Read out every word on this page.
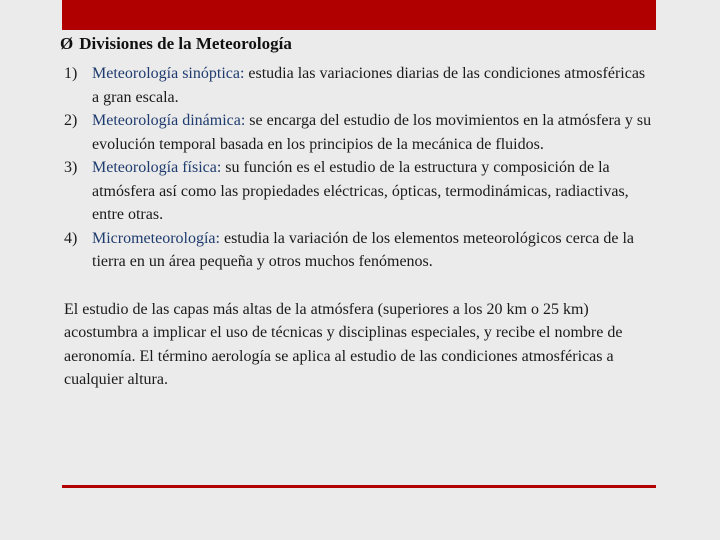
Ø Divisiones de la Meteorología
1) Meteorología sinóptica: estudia las variaciones diarias de las condiciones atmosféricas a gran escala.
2) Meteorología dinámica: se encarga del estudio de los movimientos en la atmósfera y su evolución temporal basada en los principios de la mecánica de fluidos.
3) Meteorología física: su función es el estudio de la estructura y composición de la atmósfera así como las propiedades eléctricas, ópticas, termodinámicas, radiactivas, entre otras.
4) Micrometeorología: estudia la variación de los elementos meteorológicos cerca de la tierra en un área pequeña y otros muchos fenómenos.
El estudio de las capas más altas de la atmósfera (superiores a los 20 km o 25 km) acostumbra a implicar el uso de técnicas y disciplinas especiales, y recibe el nombre de aeronomía. El término aerología se aplica al estudio de las condiciones atmosféricas a cualquier altura.
